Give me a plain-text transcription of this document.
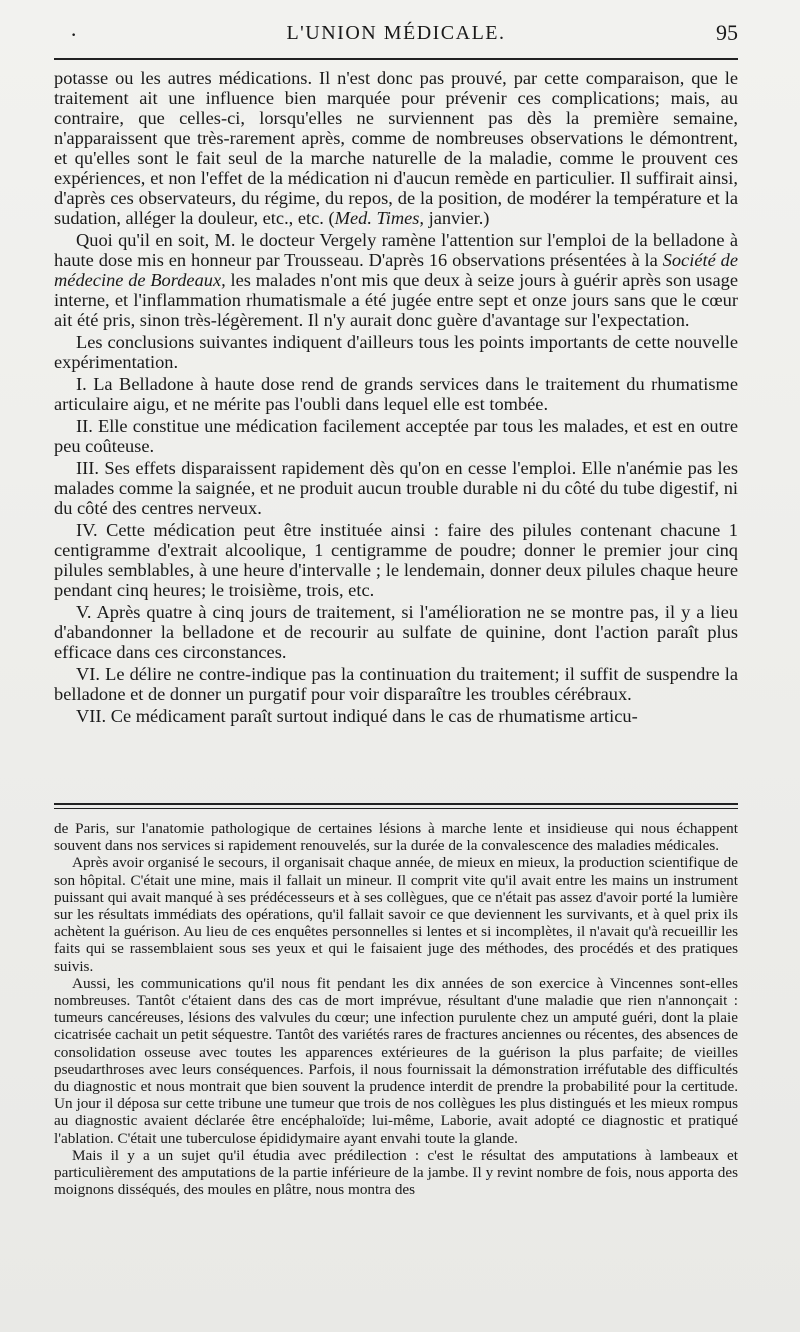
·	L'UNION MÉDICALE.	95

potasse ou les autres médications. Il n'est donc pas prouvé, par cette comparaison, que le traitement ait une influence bien marquée pour prévenir ces complications; mais, au contraire, que celles-ci, lorsqu'elles ne surviennent pas dès la première semaine, n'apparaissent que très-rarement après, comme de nombreuses observations le démontrent, et qu'elles sont le fait seul de la marche naturelle de la maladie, comme le prouvent ces expériences, et non l'effet de la médication ni d'aucun remède en particulier. Il suffirait ainsi, d'après ces observateurs, du régime, du repos, de la position, de modérer la température et la sudation, alléger la douleur, etc., etc. (Med. Times, janvier.)

Quoi qu'il en soit, M. le docteur Vergely ramène l'attention sur l'emploi de la belladone à haute dose mis en honneur par Trousseau. D'après 16 observations présentées à la Société de médecine de Bordeaux, les malades n'ont mis que deux à seize jours à guérir après son usage interne, et l'inflammation rhumatismale a été jugée entre sept et onze jours sans que le cœur ait été pris, sinon très-légèrement. Il n'y aurait donc guère d'avantage sur l'expectation.

Les conclusions suivantes indiquent d'ailleurs tous les points importants de cette nouvelle expérimentation.

I. La Belladone à haute dose rend de grands services dans le traitement du rhumatisme articulaire aigu, et ne mérite pas l'oubli dans lequel elle est tombée.

II. Elle constitue une médication facilement acceptée par tous les malades, et est en outre peu coûteuse.

III. Ses effets disparaissent rapidement dès qu'on en cesse l'emploi. Elle n'anémie pas les malades comme la saignée, et ne produit aucun trouble durable ni du côté du tube digestif, ni du côté des centres nerveux.

IV. Cette médication peut être instituée ainsi : faire des pilules contenant chacune 1 centigramme d'extrait alcoolique, 1 centigramme de poudre; donner le premier jour cinq pilules semblables, à une heure d'intervalle ; le lendemain, donner deux pilules chaque heure pendant cinq heures; le troisième, trois, etc.

V. Après quatre à cinq jours de traitement, si l'amélioration ne se montre pas, il y a lieu d'abandonner la belladone et de recourir au sulfate de quinine, dont l'action paraît plus efficace dans ces circonstances.

VI. Le délire ne contre-indique pas la continuation du traitement; il suffit de suspendre la belladone et de donner un purgatif pour voir disparaître les troubles cérébraux.

VII. Ce médicament paraît surtout indiqué dans le cas de rhumatisme articu-

de Paris, sur l'anatomie pathologique de certaines lésions à marche lente et insidieuse qui nous échappent souvent dans nos services si rapidement renouvelés, sur la durée de la convalescence des maladies médicales.

Après avoir organisé le secours, il organisait chaque année, de mieux en mieux, la production scientifique de son hôpital. C'était une mine, mais il fallait un mineur. Il comprit vite qu'il avait entre les mains un instrument puissant qui avait manqué à ses prédécesseurs et à ses collègues, que ce n'était pas assez d'avoir porté la lumière sur les résultats immédiats des opérations, qu'il fallait savoir ce que deviennent les survivants, et à quel prix ils achètent la guérison. Au lieu de ces enquêtes personnelles si lentes et si incomplètes, il n'avait qu'à recueillir les faits qui se rassemblaient sous ses yeux et qui le faisaient juge des méthodes, des procédés et des pratiques suivis.

Aussi, les communications qu'il nous fit pendant les dix années de son exercice à Vincennes sont-elles nombreuses. Tantôt c'étaient dans des cas de mort imprévue, résultant d'une maladie que rien n'annonçait : tumeurs cancéreuses, lésions des valvules du cœur; une infection purulente chez un amputé guéri, dont la plaie cicatrisée cachait un petit séquestre. Tantôt des variétés rares de fractures anciennes ou récentes, des absences de consolidation osseuse avec toutes les apparences extérieures de la guérison la plus parfaite; de vieilles pseudarthroses avec leurs conséquences. Parfois, il nous fournissait la démonstration irréfutable des difficultés du diagnostic et nous montrait que bien souvent la prudence interdit de prendre la probabilité pour la certitude. Un jour il déposa sur cette tribune une tumeur que trois de nos collègues les plus distingués et les mieux rompus au diagnostic avaient déclarée être encéphaloïde; lui-même, Laborie, avait adopté ce diagnostic et pratiqué l'ablation. C'était une tuberculose épididymaire ayant envahi toute la glande.

Mais il y a un sujet qu'il étudia avec prédilection : c'est le résultat des amputations à lambeaux et particulièrement des amputations de la partie inférieure de la jambe. Il y revint nombre de fois, nous apporta des moignons disséqués, des moules en plâtre, nous montra des
